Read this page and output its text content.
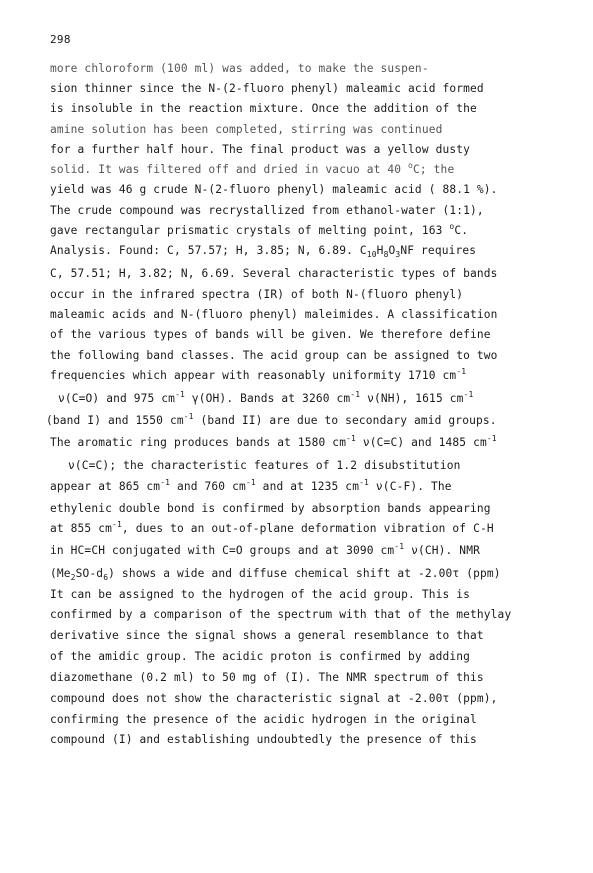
298
more chloroform (100 ml) was added, to make the suspen-
sion thinner since the N-(2-fluoro phenyl) maleamic acid formed
is insoluble in the reaction mixture. Once the addition of the
amine solution has been completed, stirring was continued
for a further half hour. The final product was a yellow dusty
solid. It was filtered off and dried in vacuo at 40 $^o$C; the
yield was 46 g crude N-(2-fluoro phenyl) maleamic acid ( 88.1 %).
The crude compound was recrystallized from ethanol-water (1:1),
gave rectangular prismatic crystals of melting point, 163 $^o$C.
Analysis. Found: C, 57.57; H, 3.85; N, 6.89. $C_{10}H_8O_3NF$ requires
C, 57.51; H, 3.82; N, 6.69. Several characteristic types of bands
occur in the infrared spectra (IR) of both N-(fluoro phenyl)
maleamic acids and N-(fluoro phenyl) maleimides. A classification
of the various types of bands will be given. We therefore define
the following band classes. The acid group can be assigned to two
frequencies which appear with reasonably uniformity 1710 $cm^{-1}$
ν(C=O) and 975 $cm^{-1}$ γ(OH). Bands at 3260 $cm^{-1}$ ν(NH), 1615 $cm^{-1}$
(band I) and 1550 $cm^{-1}$ (band II) are due to secondary amid groups.
The aromatic ring produces bands at 1580 $cm^{-1}$ ν(C=C) and 1485 $cm^{-1}$
ν(C=C); the characteristic features of 1.2 disubstitution
appear at 865 $cm^{-1}$ and 760 $cm^{-1}$ and at 1235 $cm^{-1}$ ν(C-F). The
ethylenic double bond is confirmed by absorption bands appearing
at 855 $cm^{-1}$, dues to an out-of-plane deformation vibration of C-H
in HC=CH conjugated with C=O groups and at 3090 $cm^{-1}$ ν(CH). NMR
$(Me_2SO-d_6)$ shows a wide and diffuse chemical shift at -2.00τ (ppm)
It can be assigned to the hydrogen of the acid group. This is
confirmed by a comparison of the spectrum with that of the methylay
derivative since the signal shows a general resemblance to that
of the amidic group. The acidic proton is confirmed by adding
diazomethane (0.2 ml) to 50 mg of (I). The NMR spectrum of this
compound does not show the characteristic signal at -2.00τ (ppm),
confirming the presence of the acidic hydrogen in the original
compound (I) and establishing undoubtedly the presence of this
